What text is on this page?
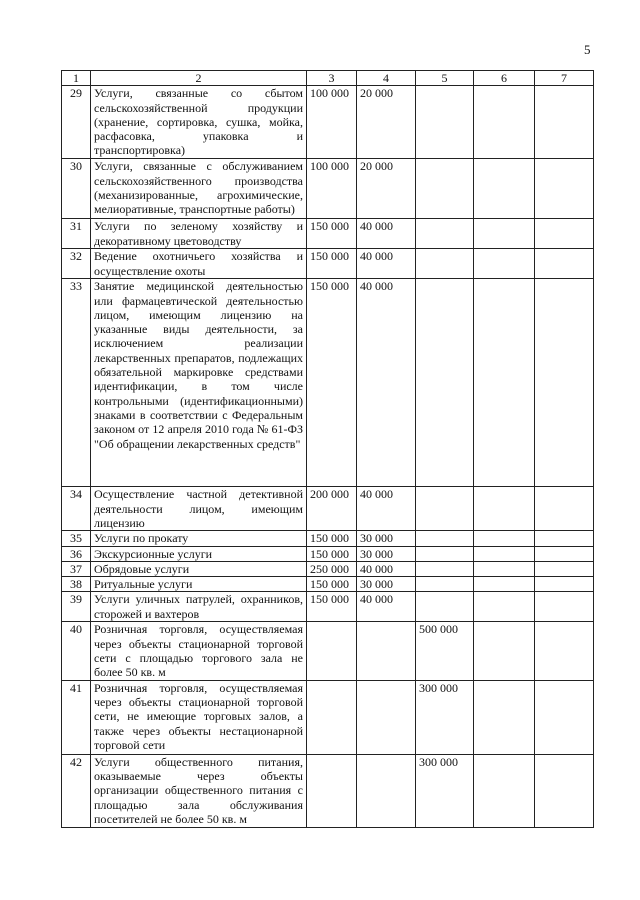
5
1	2	3	4	5	6	7
29	Услуги, связанные со сбытом сельскохозяйственной продукции (хранение, сортировка, сушка, мойка, расфасовка, упаковка и транспортировка)	100 000	20 000			
30	Услуги, связанные с обслуживанием сельскохозяйственного производства (механизированные, агрохимические, мелиоративные, транспортные работы)	100 000	20 000			
31	Услуги по зеленому хозяйству и декоративному цветоводству	150 000	40 000			
32	Ведение охотничьего хозяйства и осуществление охоты	150 000	40 000			
33	Занятие медицинской деятельностью или фармацевтической деятельностью лицом, имеющим лицензию на указанные виды деятельности, за исключением реализации лекарственных препаратов, подлежащих обязательной маркировке средствами идентификации, в том числе контрольными (идентификационными) знаками в соответствии с Федеральным законом от 12 апреля 2010 года № 61-ФЗ "Об обращении лекарственных средств"	150 000	40 000			
34	Осуществление частной детективной деятельности лицом, имеющим лицензию	200 000	40 000			
35	Услуги по прокату	150 000	30 000			
36	Экскурсионные услуги	150 000	30 000			
37	Обрядовые услуги	250 000	40 000			
38	Ритуальные услуги	150 000	30 000			
39	Услуги уличных патрулей, охранников, сторожей и вахтеров	150 000	40 000			
40	Розничная торговля, осуществляемая через объекты стационарной торговой сети с площадью торгового зала не более 50 кв. м			500 000		
41	Розничная торговля, осуществляемая через объекты стационарной торговой сети, не имеющие торговых залов, а также через объекты нестационарной торговой сети			300 000		
42	Услуги общественного питания, оказываемые через объекты организации общественного питания с площадью зала обслуживания посетителей не более 50 кв. м			300 000		
